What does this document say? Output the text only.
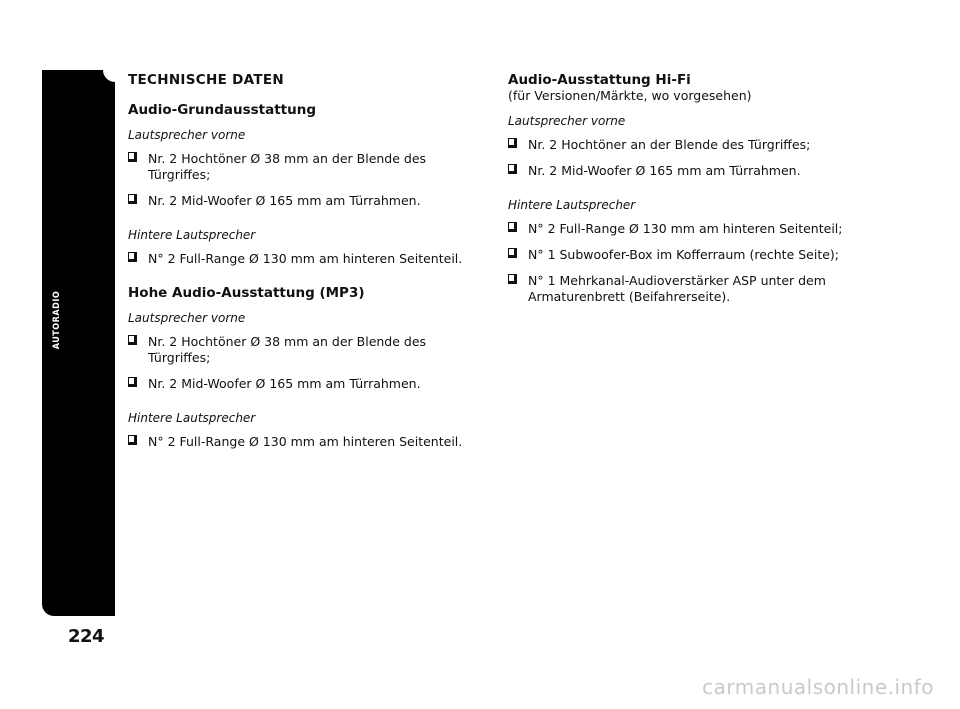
AUTORADIO
224
TECHNISCHE DATEN
Audio-Grundausstattung
Lautsprecher vorne
Nr. 2 Hochtöner Ø 38 mm an der Blende des Türgriffes;
Nr. 2 Mid-Woofer Ø 165 mm am Türrahmen.
Hintere Lautsprecher
N° 2 Full-Range Ø 130 mm am hinteren Seitenteil.
Hohe Audio-Ausstattung (MP3)
Lautsprecher vorne
Nr. 2 Hochtöner Ø 38 mm an der Blende des Türgriffes;
Nr. 2 Mid-Woofer Ø 165 mm am Türrahmen.
Hintere Lautsprecher
N° 2 Full-Range Ø 130 mm am hinteren Seitenteil.
Audio-Ausstattung Hi-Fi
(für Versionen/Märkte, wo vorgesehen)
Lautsprecher vorne
Nr. 2 Hochtöner an der Blende des Türgriffes;
Nr. 2 Mid-Woofer Ø 165 mm am Türrahmen.
Hintere Lautsprecher
N° 2 Full-Range Ø 130 mm am hinteren Seitenteil;
N° 1 Subwoofer-Box im Kofferraum (rechte Seite);
N° 1 Mehrkanal-Audioverstärker ASP unter dem Armaturenbrett (Beifahrerseite).
carmanualsonline.info
